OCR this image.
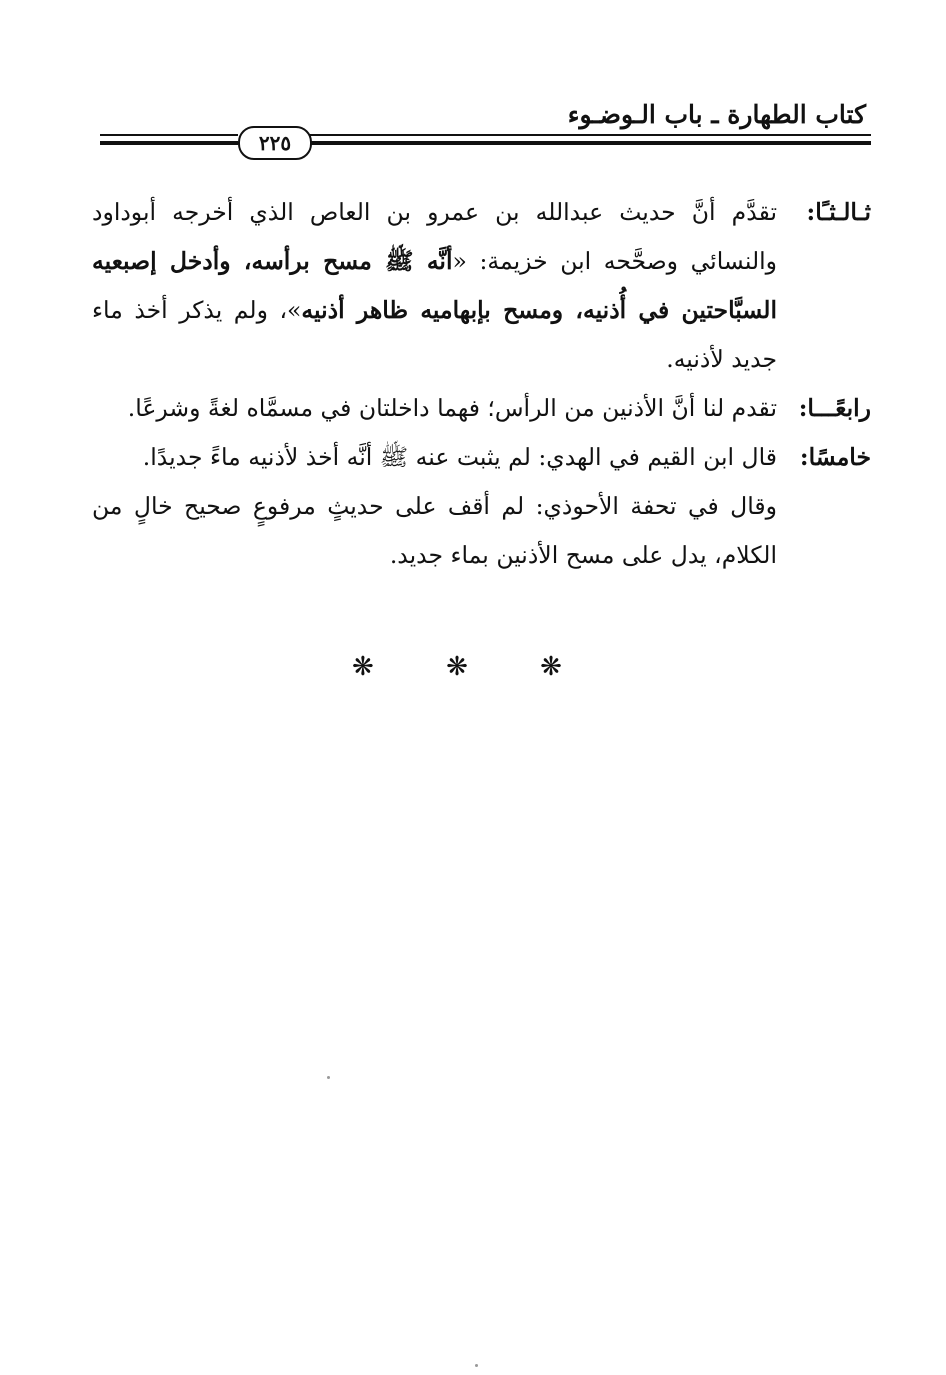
كتاب الطهارة ـ باب الـوضـوء
٢٢٥
ثـالـثـًا:
تقدَّم أنَّ حديث عبدالله بن عمرو بن العاص الذي أخرجه أبوداود والنسائي وصحَّحه ابن خزيمة: «أنَّه ﷺ مسح برأسه، وأدخل إصبعيه السبَّاحتين في أُذنيه، ومسح بإبهاميه ظاهر أذنيه»، ولم يذكر أخذ ماء جديد لأذنيه.
رابعًـــا:
تقدم لنا أنَّ الأذنين من الرأس؛ فهما داخلتان في مسمَّاه لغةً وشرعًا.
خامسًا:
قال ابن القيم في الهدي: لم يثبت عنه ﷺ أنَّه أخذ لأذنيه ماءً جديدًا.
وقال في تحفة الأحوذي: لم أقف على حديثٍ مرفوعٍ صحيح خالٍ من الكلام، يدل على مسح الأذنين بماء جديد.
❋ ❋ ❋
